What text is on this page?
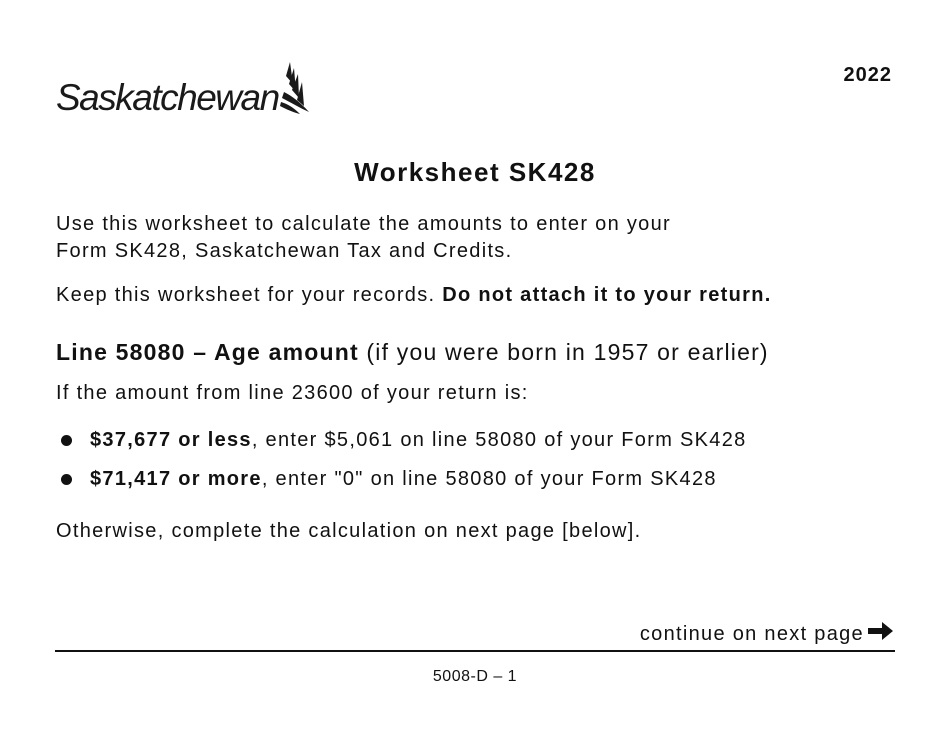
Saskatchewan
2022
Worksheet SK428
Use this worksheet to calculate the amounts to enter on your
Form SK428, Saskatchewan Tax and Credits.
Keep this worksheet for your records. Do not attach it to your return.
Line 58080 – Age amount (if you were born in 1957 or earlier)
If the amount from line 23600 of your return is:
$37,677 or less , enter $5,061 on line 58080 of your Form SK428
$71,417 or more , enter "0" on line 58080 of your Form SK428
Otherwise, complete the calculation on next page [below].
continue on next page
5008-D – 1
